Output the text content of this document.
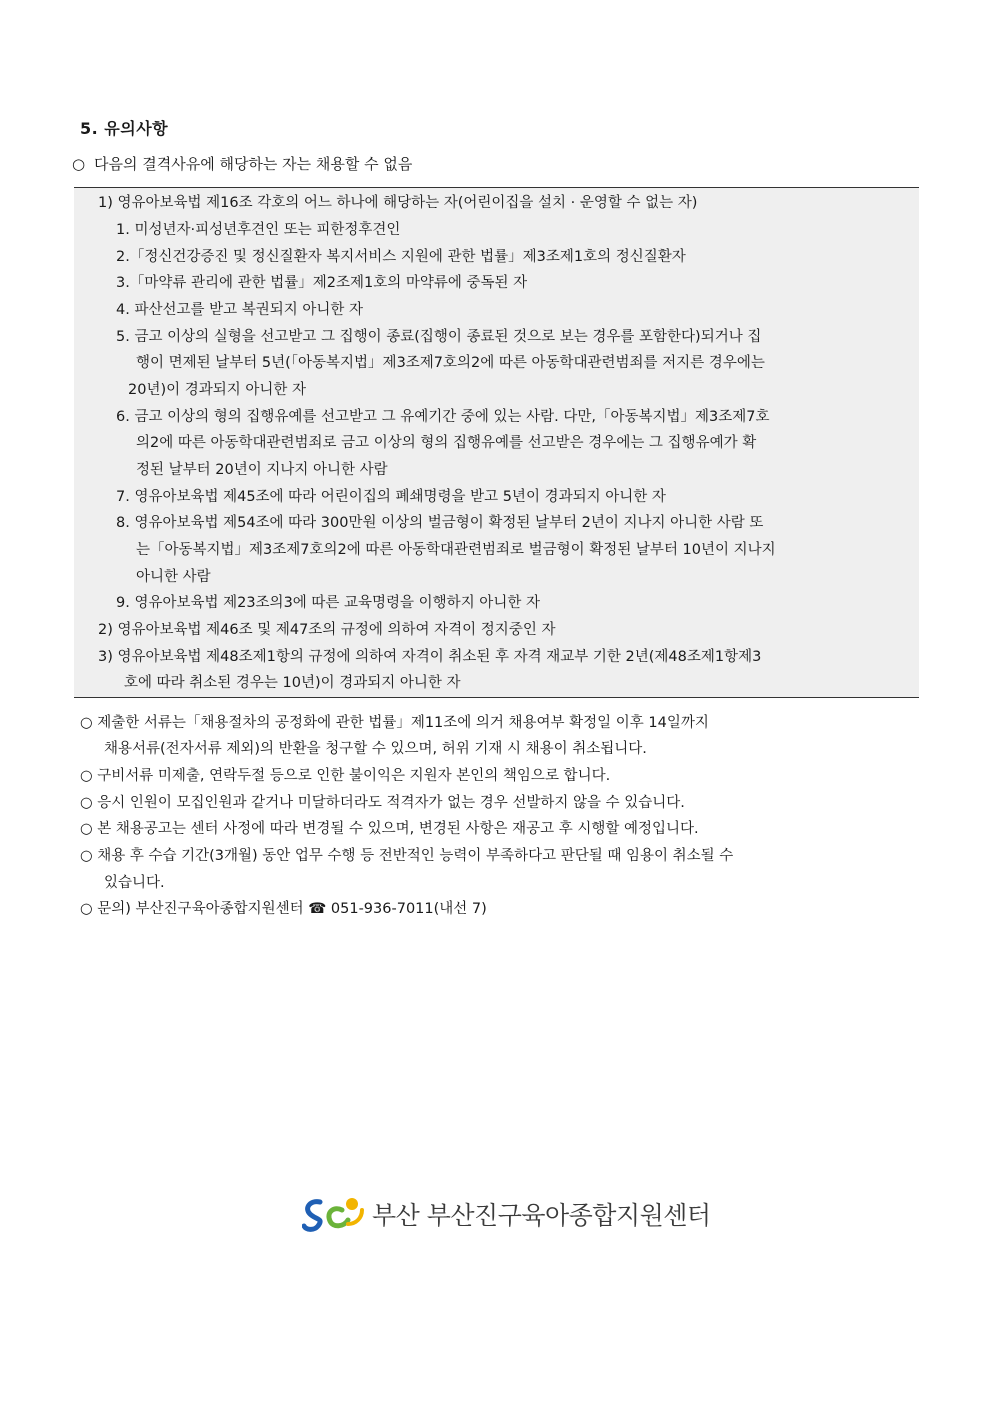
5. 유의사항
○ 다음의 결격사유에 해당하는 자는 채용할 수 없음
1) 영유아보육법 제16조 각호의 어느 하나에 해당하는 자(어린이집을 설치 · 운영할 수 없는 자)
1. 미성년자·피성년후견인 또는 피한정후견인
2.「정신건강증진 및 정신질환자 복지서비스 지원에 관한 법률」제3조제1호의 정신질환자
3.「마약류 관리에 관한 법률」제2조제1호의 마약류에 중독된 자
4. 파산선고를 받고 복권되지 아니한 자
5. 금고 이상의 실형을 선고받고 그 집행이 종료(집행이 종료된 것으로 보는 경우를 포함한다)되거나 집
행이 면제된 날부터 5년(「아동복지법」제3조제7호의2에 따른 아동학대관련범죄를 저지른 경우에는
20년)이 경과되지 아니한 자
6. 금고 이상의 형의 집행유예를 선고받고 그 유예기간 중에 있는 사람. 다만,「아동복지법」제3조제7호
의2에 따른 아동학대관련범죄로 금고 이상의 형의 집행유예를 선고받은 경우에는 그 집행유예가 확
정된 날부터 20년이 지나지 아니한 사람
7. 영유아보육법 제45조에 따라 어린이집의 폐쇄명령을 받고 5년이 경과되지 아니한 자
8. 영유아보육법 제54조에 따라 300만원 이상의 벌금형이 확정된 날부터 2년이 지나지 아니한 사람 또
는「아동복지법」제3조제7호의2에 따른 아동학대관련범죄로 벌금형이 확정된 날부터 10년이 지나지
아니한 사람
9. 영유아보육법 제23조의3에 따른 교육명령을 이행하지 아니한 자
2) 영유아보육법 제46조 및 제47조의 규정에 의하여 자격이 정지중인 자
3) 영유아보육법 제48조제1항의 규정에 의하여 자격이 취소된 후 자격 재교부 기한 2년(제48조제1항제3
호에 따라 취소된 경우는 10년)이 경과되지 아니한 자
○ 제출한 서류는「채용절차의 공정화에 관한 법률」제11조에 의거 채용여부 확정일 이후 14일까지
채용서류(전자서류 제외)의 반환을 청구할 수 있으며, 허위 기재 시 채용이 취소됩니다.
○ 구비서류 미제출, 연락두절 등으로 인한 불이익은 지원자 본인의 책임으로 합니다.
○ 응시 인원이 모집인원과 같거나 미달하더라도 적격자가 없는 경우 선발하지 않을 수 있습니다.
○ 본 채용공고는 센터 사정에 따라 변경될 수 있으며, 변경된 사항은 재공고 후 시행할 예정입니다.
○ 채용 후 수습 기간(3개월) 동안 업무 수행 등 전반적인 능력이 부족하다고 판단될 때 임용이 취소될 수
있습니다.
○ 문의) 부산진구육아종합지원센터 ☎ 051-936-7011(내선 7)
부산 부산진구육아종합지원센터
